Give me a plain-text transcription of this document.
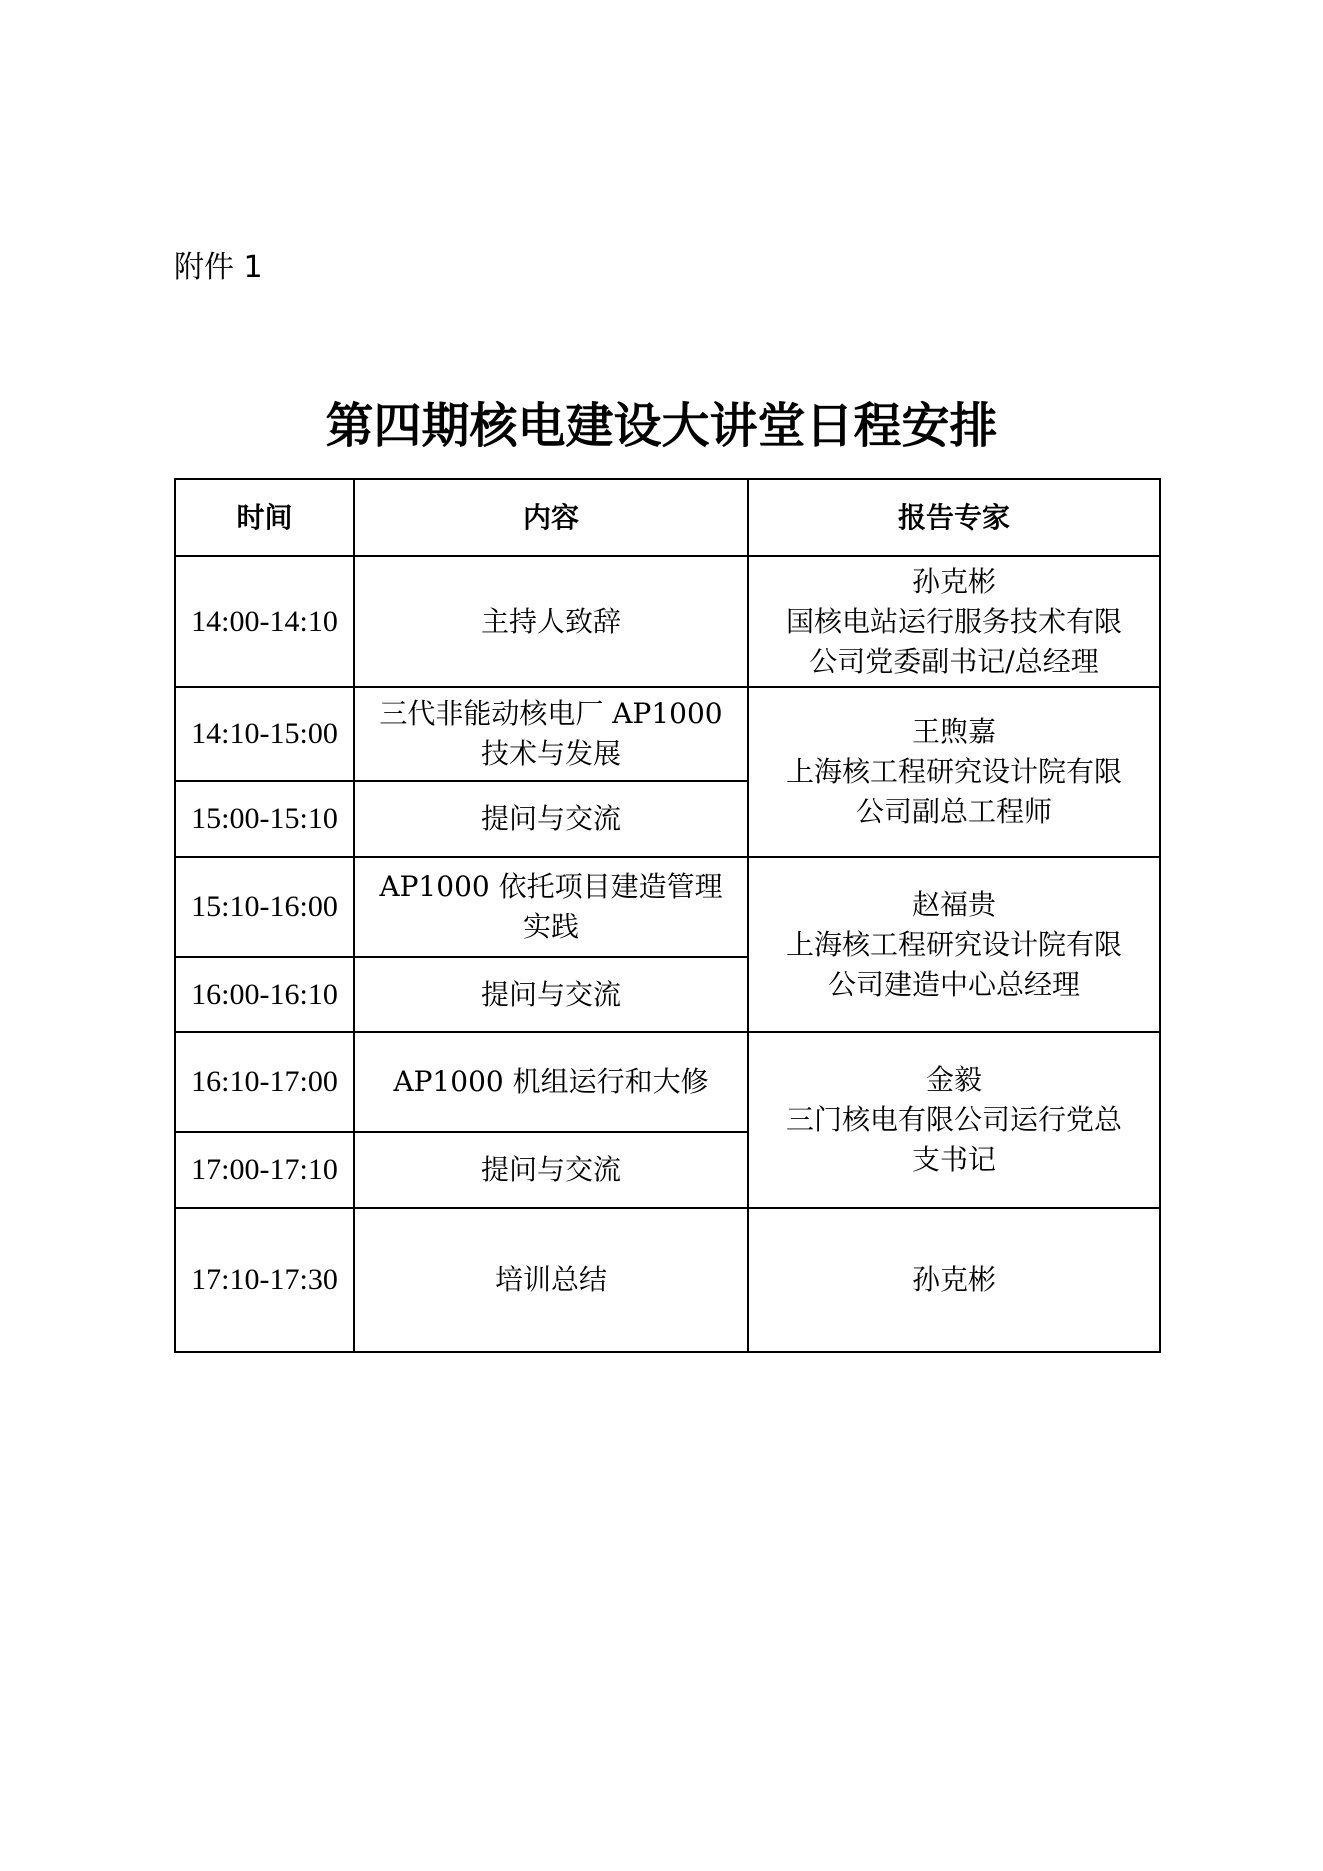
附件 1

第四期核电建设大讲堂日程安排
时间	内容	报告专家
14:00-14:10	主持人致辞	孙克彬
国核电站运行服务技术有限
公司党委副书记/总经理

14:10-15:00	三代非能动核电厂 AP1000
技术与发展	王煦嘉
上海核工程研究设计院有限
公司副总工程师

15:00-15:10	提问与交流	

15:10-16:00	AP1000 依托项目建造管理
实践	赵福贵
上海核工程研究设计院有限
公司建造中心总经理

16:00-16:10	提问与交流	

16:10-17:00	AP1000 机组运行和大修	金毅
三门核电有限公司运行党总
支书记

17:00-17:10	提问与交流	

17:10-17:30	培训总结	孙克彬
